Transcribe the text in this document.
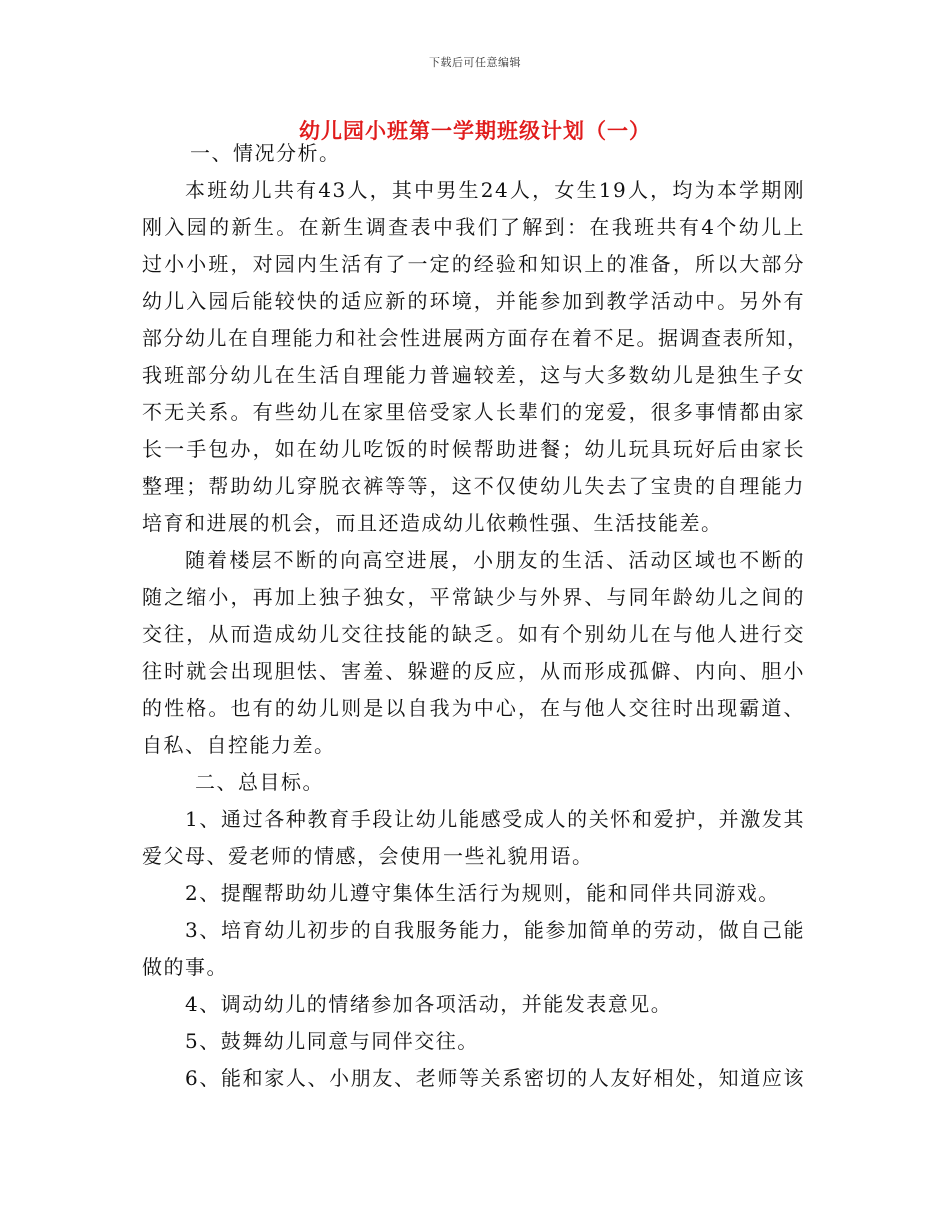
下载后可任意编辑
幼儿园小班第一学期班级计划（一）
一、情况分析。
本班幼儿共有43人，其中男生24人，女生19人，均为本学期刚
刚入园的新生。在新生调查表中我们了解到：在我班共有4个幼儿上
过小小班，对园内生活有了一定的经验和知识上的准备，所以大部分
幼儿入园后能较快的适应新的环境，并能参加到教学活动中。另外有
部分幼儿在自理能力和社会性进展两方面存在着不足。据调查表所知，
我班部分幼儿在生活自理能力普遍较差，这与大多数幼儿是独生子女
不无关系。有些幼儿在家里倍受家人长辈们的宠爱，很多事情都由家
长一手包办，如在幼儿吃饭的时候帮助进餐；幼儿玩具玩好后由家长
整理；帮助幼儿穿脱衣裤等等，这不仅使幼儿失去了宝贵的自理能力
培育和进展的机会，而且还造成幼儿依赖性强、生活技能差。
随着楼层不断的向高空进展，小朋友的生活、活动区域也不断的
随之缩小，再加上独子独女，平常缺少与外界、与同年龄幼儿之间的
交往，从而造成幼儿交往技能的缺乏。如有个别幼儿在与他人进行交
往时就会出现胆怯、害羞、躲避的反应，从而形成孤僻、内向、胆小
的性格。也有的幼儿则是以自我为中心，在与他人交往时出现霸道、
自私、自控能力差。
二、总目标。
1、通过各种教育手段让幼儿能感受成人的关怀和爱护，并激发其
爱父母、爱老师的情感，会使用一些礼貌用语。
2、提醒帮助幼儿遵守集体生活行为规则，能和同伴共同游戏。
3、培育幼儿初步的自我服务能力，能参加简单的劳动，做自己能
做的事。
4、调动幼儿的情绪参加各项活动，并能发表意见。
5、鼓舞幼儿同意与同伴交往。
6、能和家人、小朋友、老师等关系密切的人友好相处，知道应该
